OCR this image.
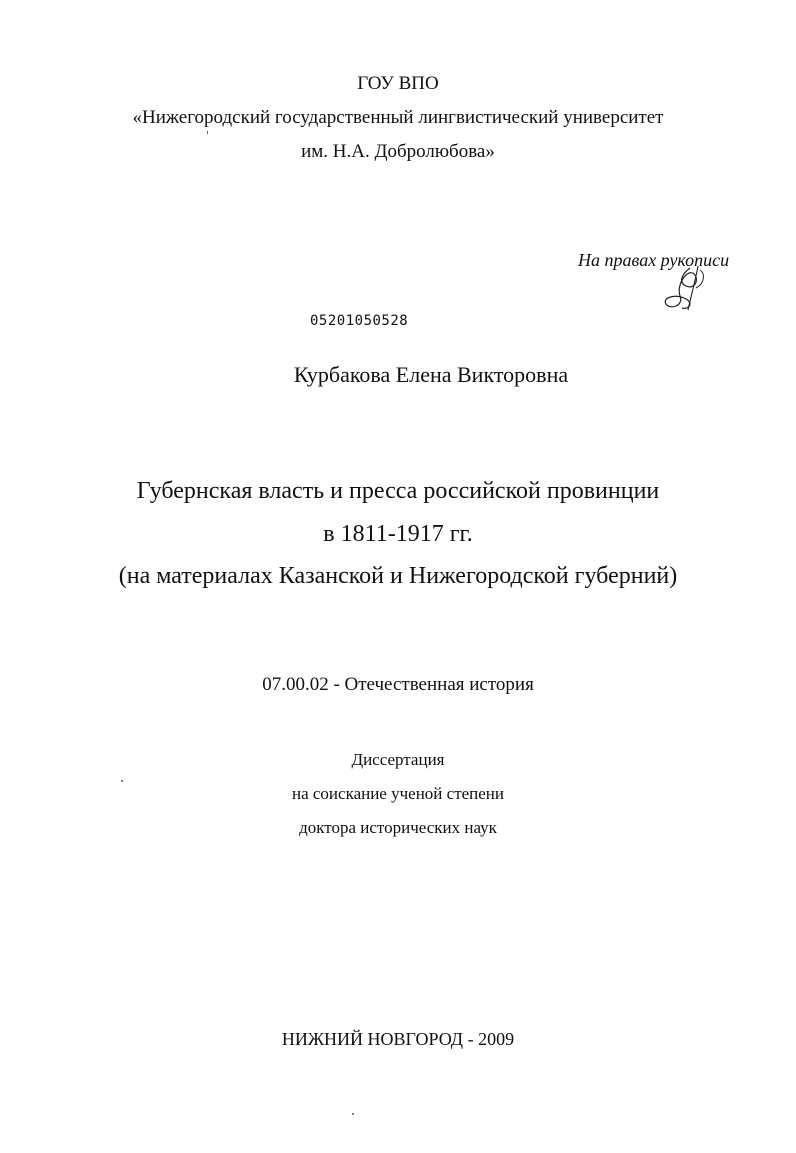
ГОУ ВПО
«Нижегородский государственный лингвистический университет
им. Н.А. Добролюбова»
На правах рукописи
05201050528
Курбакова Елена Викторовна
Губернская власть и пресса российской провинции
в 1811-1917 гг.
(на материалах Казанской и Нижегородской губерний)
07.00.02 - Отечественная история
Диссертация
на соискание ученой степени
доктора исторических наук
НИЖНИЙ НОВГОРОД - 2009
